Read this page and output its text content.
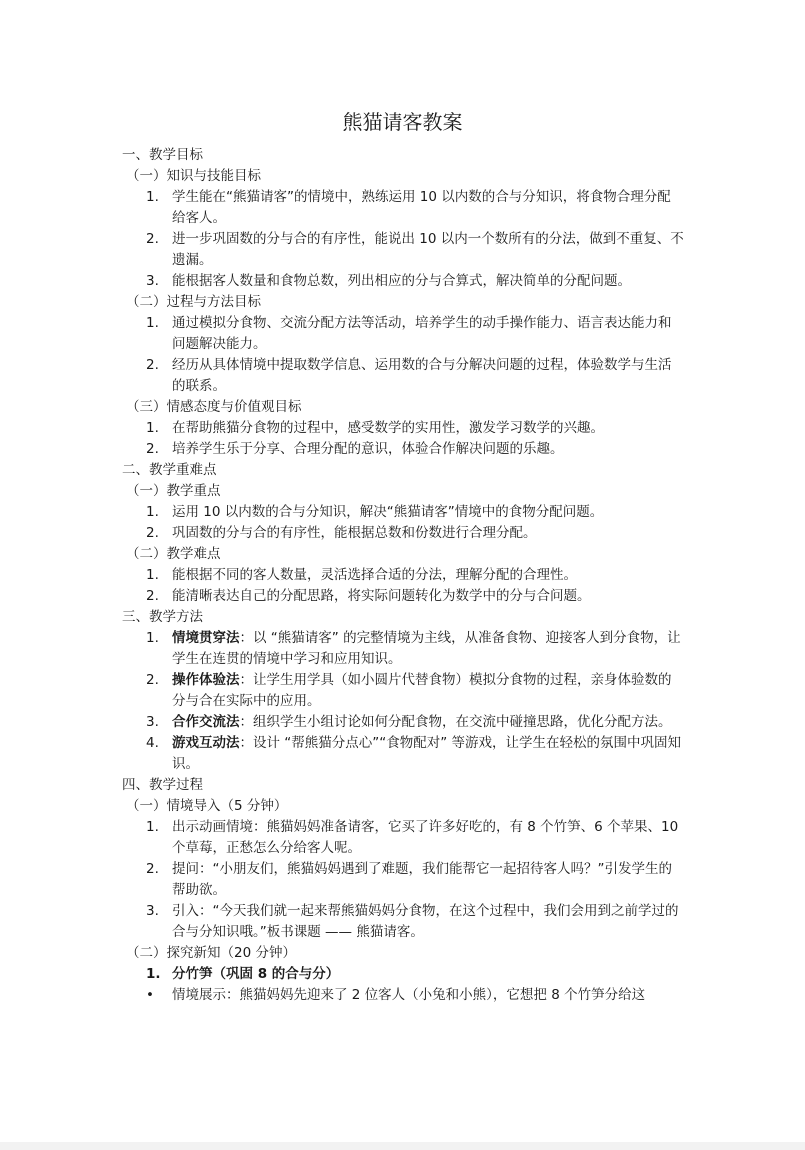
熊猫请客教案
一、教学目标
（一）知识与技能目标
1. 学生能在“熊猫请客”的情境中，熟练运用 10 以内数的合与分知识，将食物合理分配给客人。
2. 进一步巩固数的分与合的有序性，能说出 10 以内一个数所有的分法，做到不重复、不遗漏。
3. 能根据客人数量和食物总数，列出相应的分与合算式，解决简单的分配问题。
（二）过程与方法目标
1. 通过模拟分食物、交流分配方法等活动，培养学生的动手操作能力、语言表达能力和问题解决能力。
2. 经历从具体情境中提取数学信息、运用数的合与分解决问题的过程，体验数学与生活的联系。
（三）情感态度与价值观目标
1. 在帮助熊猫分食物的过程中，感受数学的实用性，激发学习数学的兴趣。
2. 培养学生乐于分享、合理分配的意识，体验合作解决问题的乐趣。
二、教学重难点
（一）教学重点
1. 运用 10 以内数的合与分知识，解决“熊猫请客”情境中的食物分配问题。
2. 巩固数的分与合的有序性，能根据总数和份数进行合理分配。
（二）教学难点
1. 能根据不同的客人数量，灵活选择合适的分法，理解分配的合理性。
2. 能清晰表达自己的分配思路，将实际问题转化为数学中的分与合问题。
三、教学方法
1. 情境贯穿法：以 “熊猫请客” 的完整情境为主线，从准备食物、迎接客人到分食物，让学生在连贯的情境中学习和应用知识。
2. 操作体验法：让学生用学具（如小圆片代替食物）模拟分食物的过程，亲身体验数的分与合在实际中的应用。
3. 合作交流法：组织学生小组讨论如何分配食物，在交流中碰撞思路，优化分配方法。
4. 游戏互动法：设计 “帮熊猫分点心”“食物配对” 等游戏，让学生在轻松的氛围中巩固知识。
四、教学过程
（一）情境导入（5 分钟）
1. 出示动画情境：熊猫妈妈准备请客，它买了许多好吃的，有 8 个竹笋、6 个苹果、10 个草莓，正愁怎么分给客人呢。
2. 提问：“小朋友们，熊猫妈妈遇到了难题，我们能帮它一起招待客人吗？”引发学生的帮助欲。
3. 引入：“今天我们就一起来帮熊猫妈妈分食物，在这个过程中，我们会用到之前学过的合与分知识哦。”板书课题 —— 熊猫请客。
（二）探究新知（20 分钟）
1. 分竹笋（巩固 8 的合与分）
• 情境展示：熊猫妈妈先迎来了 2 位客人（小兔和小熊），它想把 8 个竹笋分给这
